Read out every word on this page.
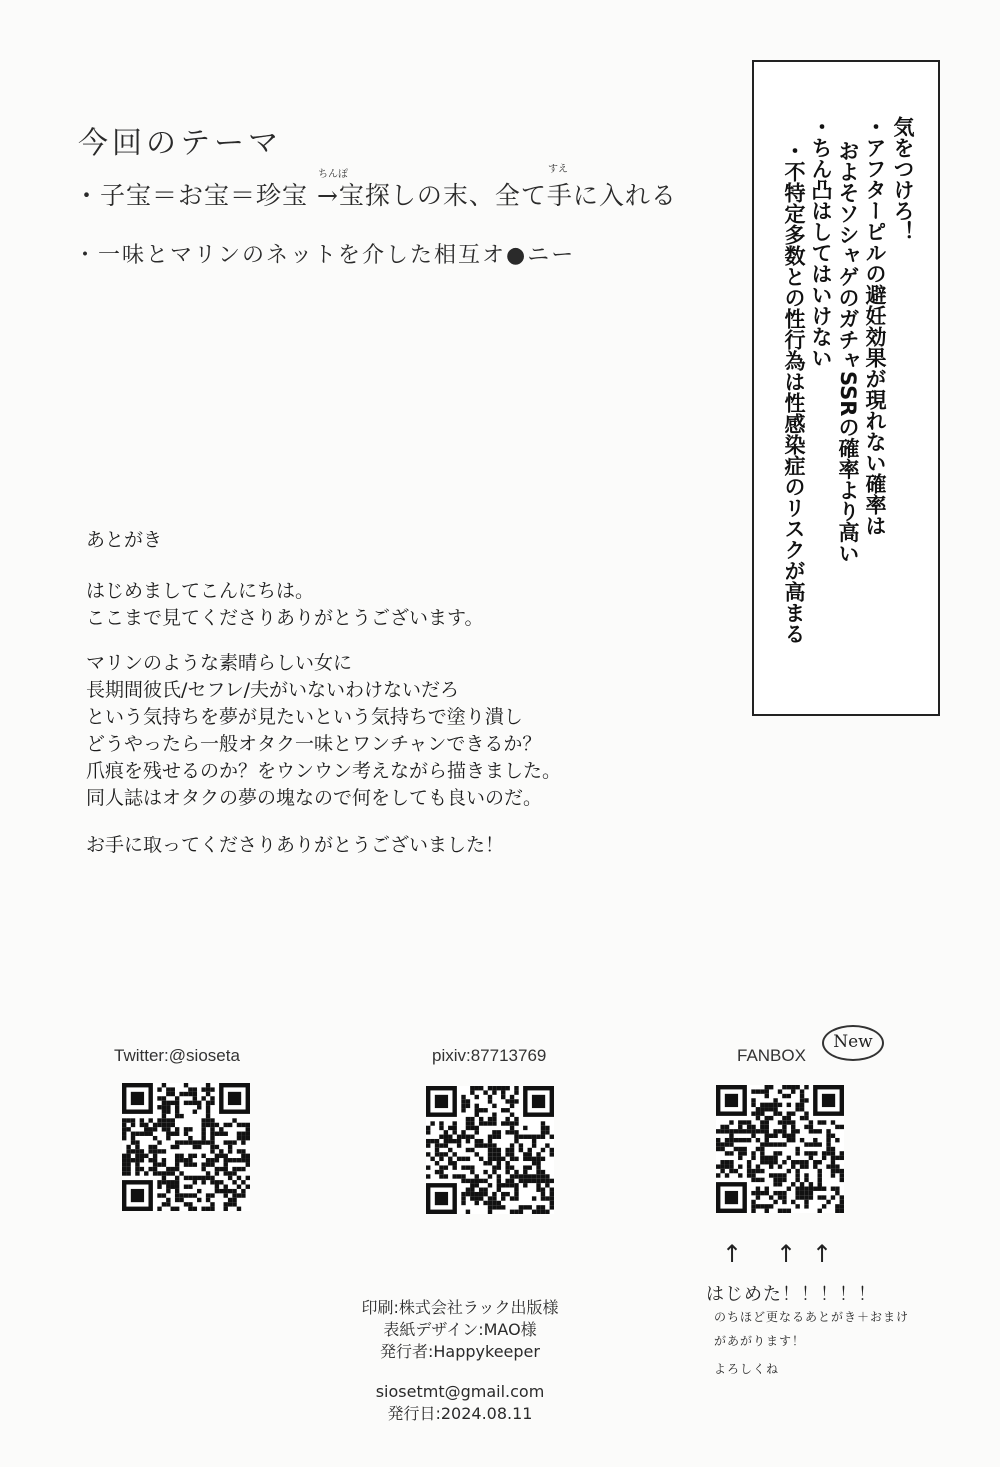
今回のテーマ
ちんぽ	すえ
・子宝＝お宝＝珍宝 →宝探しの末、全て手に入れる
・一味とマリンのネットを介した相互オ●ニー
気をつけろ！
・アフターピルの避妊効果が現れない確率は
およそソシャゲのガチャSSRの確率より高い
・ちん凸はしてはいけない
・不特定多数との性行為は性感染症のリスクが高まる
あとがき
はじめましてこんにちは。
ここまで見てくださりありがとうございます。
マリンのような素晴らしい女に
長期間彼氏/セフレ/夫がいないわけないだろ
という気持ちを夢が見たいという気持ちで塗り潰し
どうやったら一般オタク一味とワンチャンできるか？
爪痕を残せるのか？をウンウン考えながら描きました。
同人誌はオタクの夢の塊なので何をしても良いのだ。
お手に取ってくださりありがとうございました！
Twitter:@sioseta	pixiv:87713769	FANBOX
New
↑ ↑ ↑
はじめた！！！！！
のちほど更なるあとがき＋おまけ
があがります！
よろしくね
印刷:株式会社ラック出版様
表紙デザイン:MAO様
発行者:Happykeeper
siosetmt@gmail.com
発行日:2024.08.11
